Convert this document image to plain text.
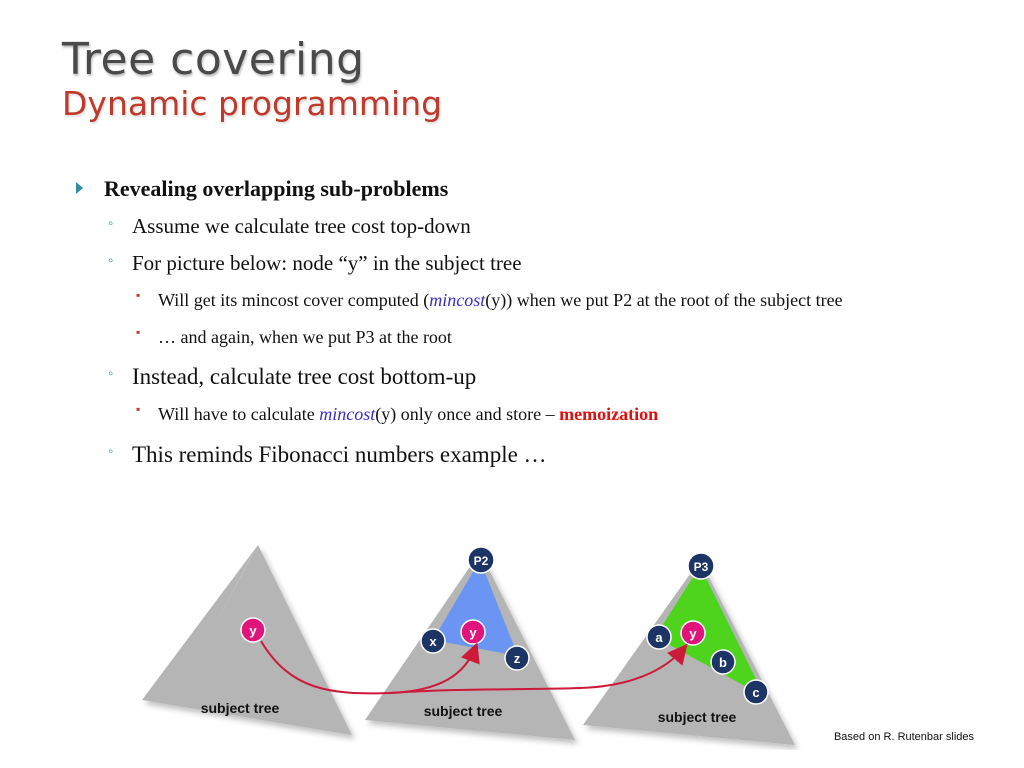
Tree covering
Dynamic programming
Revealing overlapping sub-problems
◦ Assume we calculate tree cost top-down
◦ For picture below: node “y” in the subject tree
▪ Will get its mincost cover computed (mincost(y)) when we put P2 at the root of the subject tree
▪ … and again, when we put P3 at the root
◦ Instead, calculate tree cost bottom-up
▪ Will have to calculate mincost(y) only once and store – memoization
◦ This reminds Fibonacci numbers example …
subject tree
y
subject tree
P2
x
y
z
subject tree
P3
a y
b
c
Based on R. Rutenbar slides
